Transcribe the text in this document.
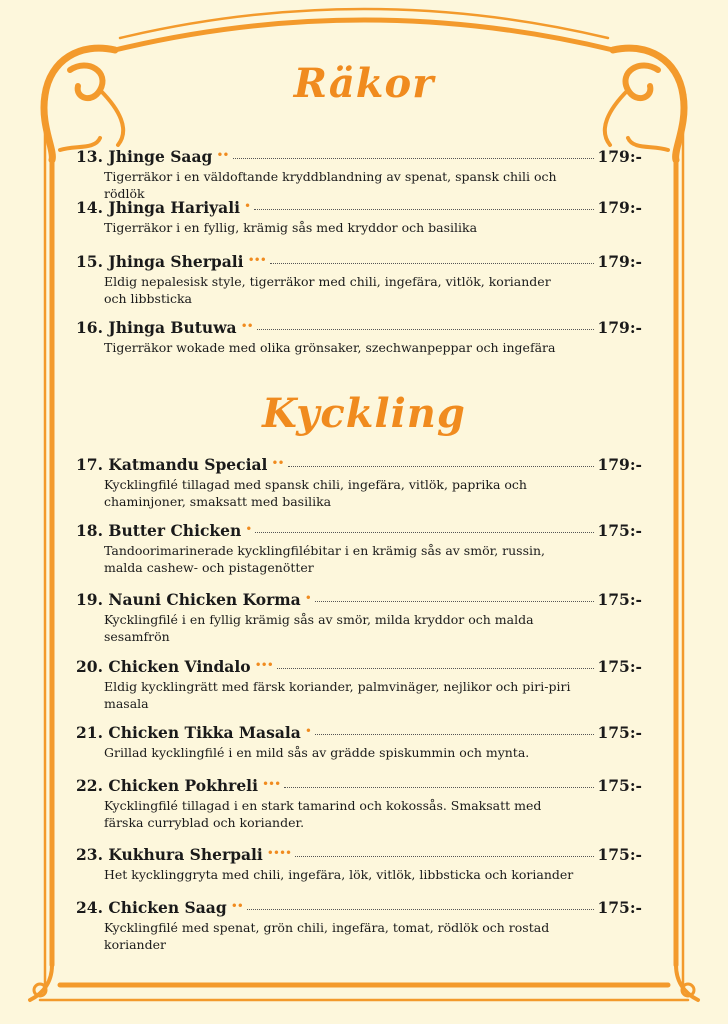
Räkor
13. Jhinge Saag ••	179:-
Tigerräkor i en väldoftande kryddblandning av spenat, spansk chili och rödlök
14. Jhinga Hariyali •	179:-
Tigerräkor i en fyllig, krämig sås med kryddor och basilika
15. Jhinga Sherpali •••	179:-
Eldig nepalesisk style, tigerräkor med chili, ingefära, vitlök, koriander och libbsticka
16. Jhinga Butuwa ••	179:-
Tigerräkor wokade med olika grönsaker, szechwanpeppar och ingefära
Kyckling
17. Katmandu Special ••	179:-
Kycklingfilé tillagad med spansk chili, ingefära, vitlök, paprika och chaminjoner, smaksatt med basilika
18. Butter Chicken •	175:-
Tandoorimarinerade kycklingfilébitar i en krämig sås av smör, russin, malda cashew- och pistagenötter
19. Nauni Chicken Korma •	175:-
Kycklingfilé i en fyllig krämig sås av smör, milda kryddor och malda sesamfrön
20. Chicken Vindalo •••	175:-
Eldig kycklingrätt med färsk koriander, palmvinäger, nejlikor och piri-piri masala
21. Chicken Tikka Masala •	175:-
Grillad kycklingfilé i en mild sås av grädde spiskummin och mynta.
22. Chicken Pokhreli •••	175:-
Kycklingfilé tillagad i en stark tamarind och kokossås. Smaksatt med färska curryblad och koriander.
23. Kukhura Sherpali ••••	175:-
Het kycklinggryta med chili, ingefära, lök, vitlök, libbsticka och koriander
24. Chicken Saag ••	175:-
Kycklingfilé med spenat, grön chili, ingefära, tomat, rödlök och rostad koriander
